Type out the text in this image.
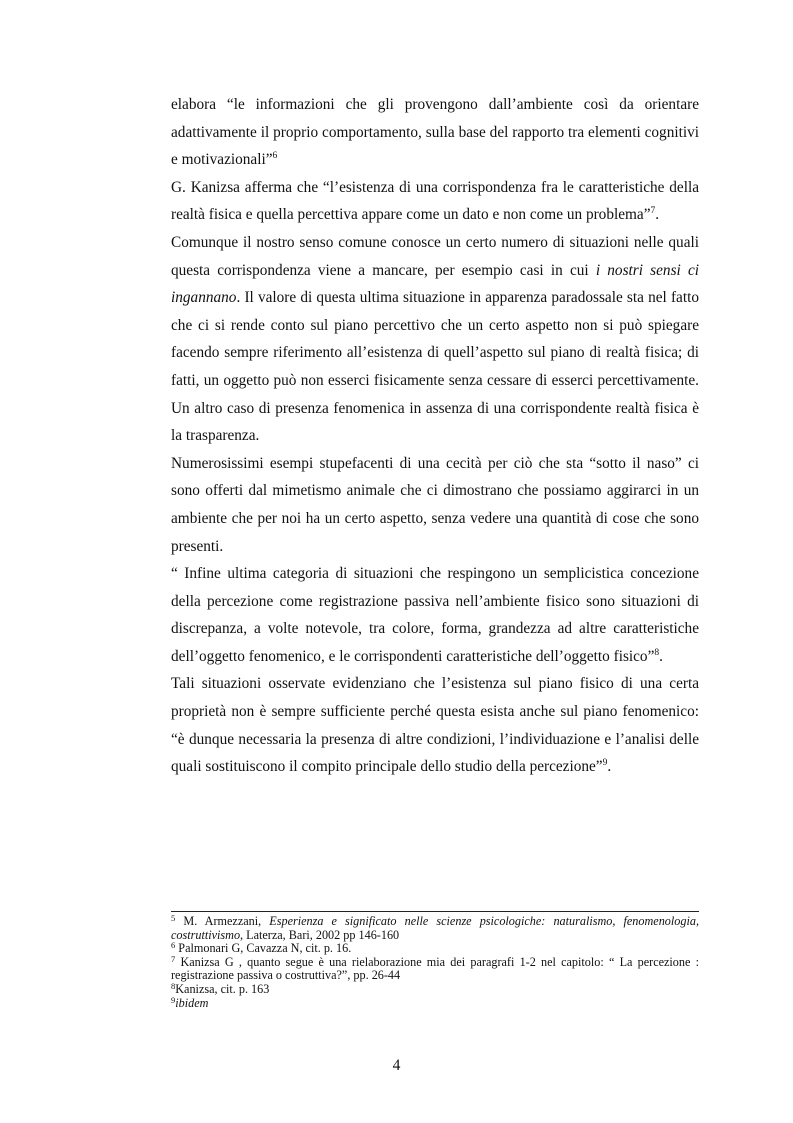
elabora “le informazioni che gli provengono dall’ambiente così da orientare adattivamente il proprio comportamento, sulla base del rapporto tra elementi cognitivi e motivazionali”$^6$

G. Kanizsa afferma che “l’esistenza di una corrispondenza fra le caratteristiche della realtà fisica e quella percettiva appare come un dato e non come un problema”$^7$.

Comunque il nostro senso comune conosce un certo numero di situazioni nelle quali questa corrispondenza viene a mancare, per esempio casi in cui i nostri sensi ci ingannano. Il valore di questa ultima situazione in apparenza paradossale sta nel fatto che ci si rende conto sul piano percettivo che un certo aspetto non si può spiegare facendo sempre riferimento all’esistenza di quell’aspetto sul piano di realtà fisica; di fatti, un oggetto può non esserci fisicamente senza cessare di esserci percettivamente. Un altro caso di presenza fenomenica in assenza di una corrispondente realtà fisica è la trasparenza.

Numerosissimi esempi stupefacenti di una cecità per ciò che sta “sotto il naso” ci sono offerti dal mimetismo animale che ci dimostrano che possiamo aggirarci in un ambiente che per noi ha un certo aspetto, senza vedere una quantità di cose che sono presenti.

“ Infine ultima categoria di situazioni che respingono un semplicistica concezione della percezione come registrazione passiva nell’ambiente fisico sono situazioni di discrepanza, a volte notevole, tra colore, forma, grandezza ad altre caratteristiche dell’oggetto fenomenico, e le corrispondenti caratteristiche dell’oggetto fisico”$^8$.

Tali situazioni osservate evidenziano che l’esistenza sul piano fisico di una certa proprietà non è sempre sufficiente perché questa esista anche sul piano fenomenico: “è dunque necessaria la presenza di altre condizioni, l’individuazione e l’analisi delle quali sostituiscono il compito principale dello studio della percezione”$^9$.

$^5$ M. Armezzani, Esperienza e significato nelle scienze psicologiche: naturalismo, fenomenologia, costruttivismo, Laterza, Bari, 2002 pp 146-160

$^6$ Palmonari G, Cavazza N, cit. p. 16.

$^7$ Kanizsa G , quanto segue è una rielaborazione mia dei paragrafi 1-2 nel capitolo: “ La percezione : registrazione passiva o costruttiva?”, pp. 26-44

$^8$Kanizsa, cit. p. 163

$^9$ibidem

4
